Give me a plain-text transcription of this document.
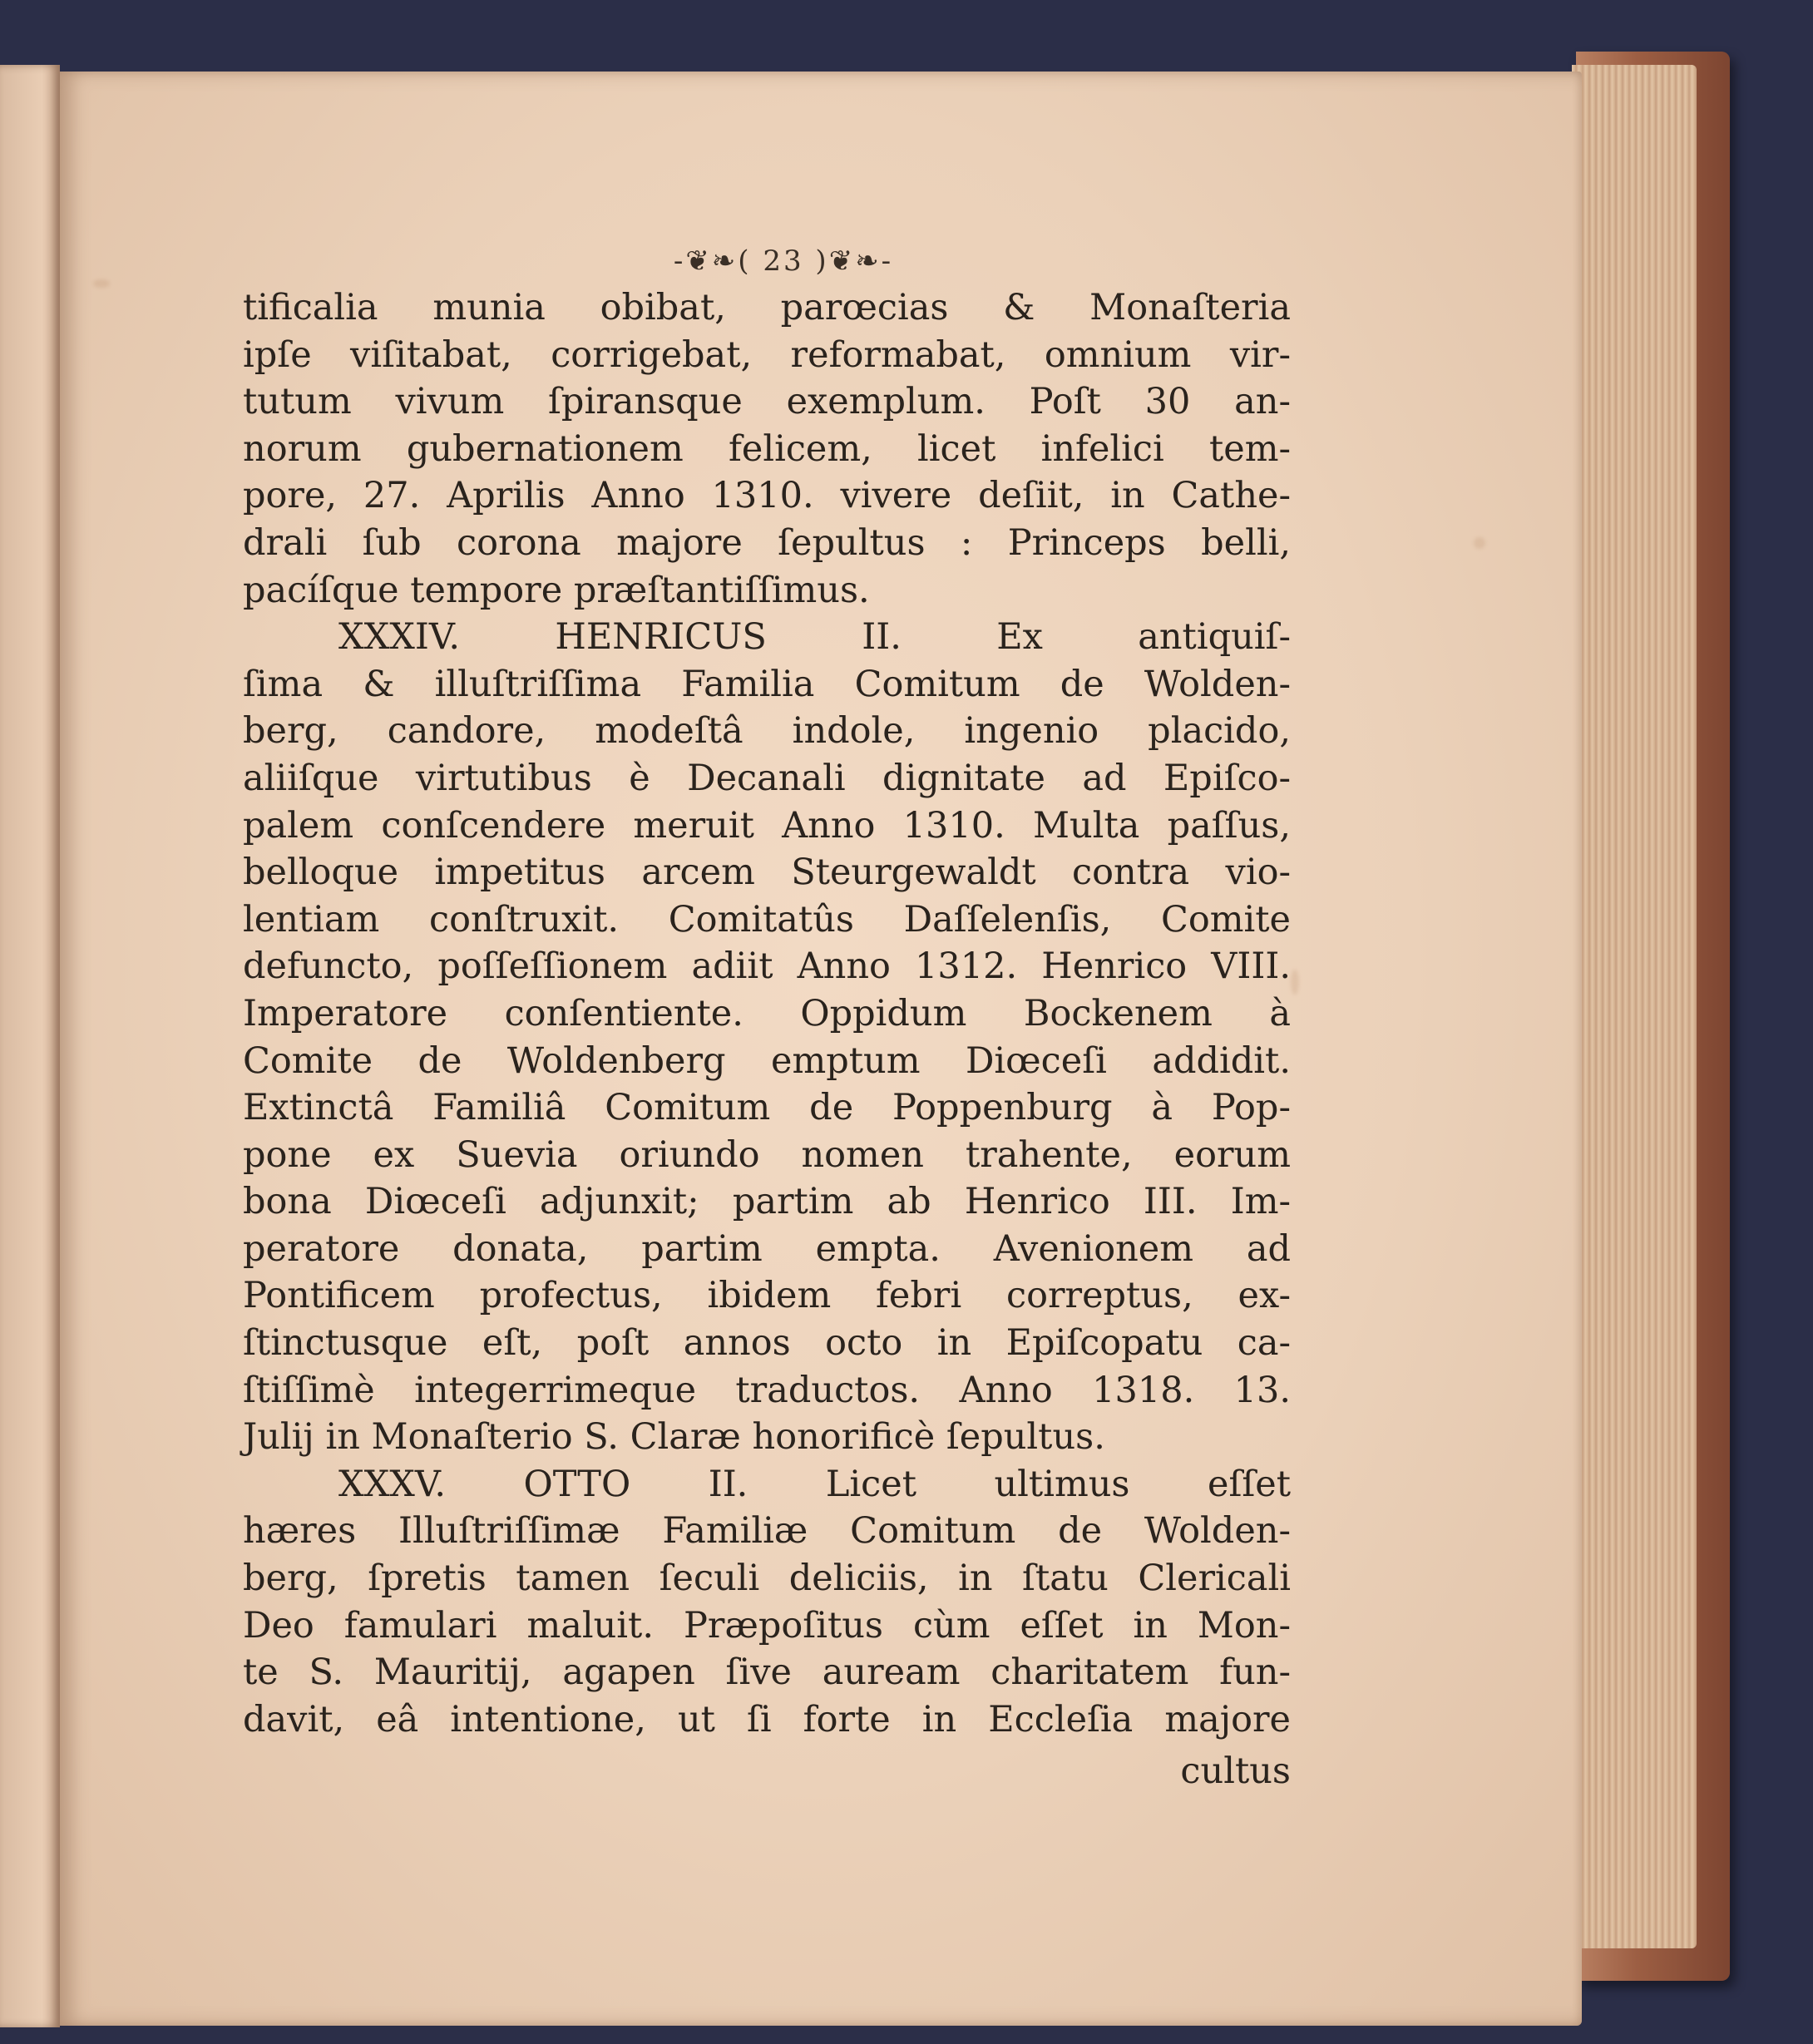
-❦❧( 23 )❦❧-
tificalia munia obibat, parœcias & Monaſteria
ipſe viſitabat, corrigebat, reformabat, omnium vir-
tutum vivum ſpiransque exemplum. Poſt 30 an-
norum gubernationem felicem, licet infelici tem-
pore, 27. Aprilis Anno 1310. vivere deſiit, in Cathe-
drali ſub corona majore ſepultus : Princeps belli,
pacíſque tempore præſtantiſſimus.
XXXIV. HENRICUS II. Ex antiquiſ-
ſima & illuſtriſſima Familia Comitum de Wolden-
berg, candore, modeſtâ indole, ingenio placido,
aliiſque virtutibus è Decanali dignitate ad Epiſco-
palem conſcendere meruit Anno 1310. Multa paſſus,
belloque impetitus arcem Steurgewaldt contra vio-
lentiam conſtruxit. Comitatûs Daſſelenſis, Comite
defuncto, poſſeſſionem adiit Anno 1312. Henrico VIII.
Imperatore conſentiente. Oppidum Bockenem à
Comite de Woldenberg emptum Diœceſi addidit.
Extinctâ Familiâ Comitum de Poppenburg à Pop-
pone ex Suevia oriundo nomen trahente, eorum
bona Diœceſi adjunxit; partim ab Henrico III. Im-
peratore donata, partim empta. Avenionem ad
Pontificem profectus, ibidem febri correptus, ex-
ſtinctusque eſt, poſt annos octo in Epiſcopatu ca-
ſtiſſimè integerrimeque traductos. Anno 1318. 13.
Julij in Monaſterio S. Claræ honorificè ſepultus.
XXXV. OTTO II. Licet ultimus eſſet
hæres Illuſtriſſimæ Familiæ Comitum de Wolden-
berg, ſpretis tamen ſeculi deliciis, in ſtatu Clericali
Deo famulari maluit. Præpoſitus cùm eſſet in Mon-
te S. Mauritij, agapen ſive auream charitatem fun-
davit, eâ intentione, ut ſi forte in Eccleſia majore
cultus
